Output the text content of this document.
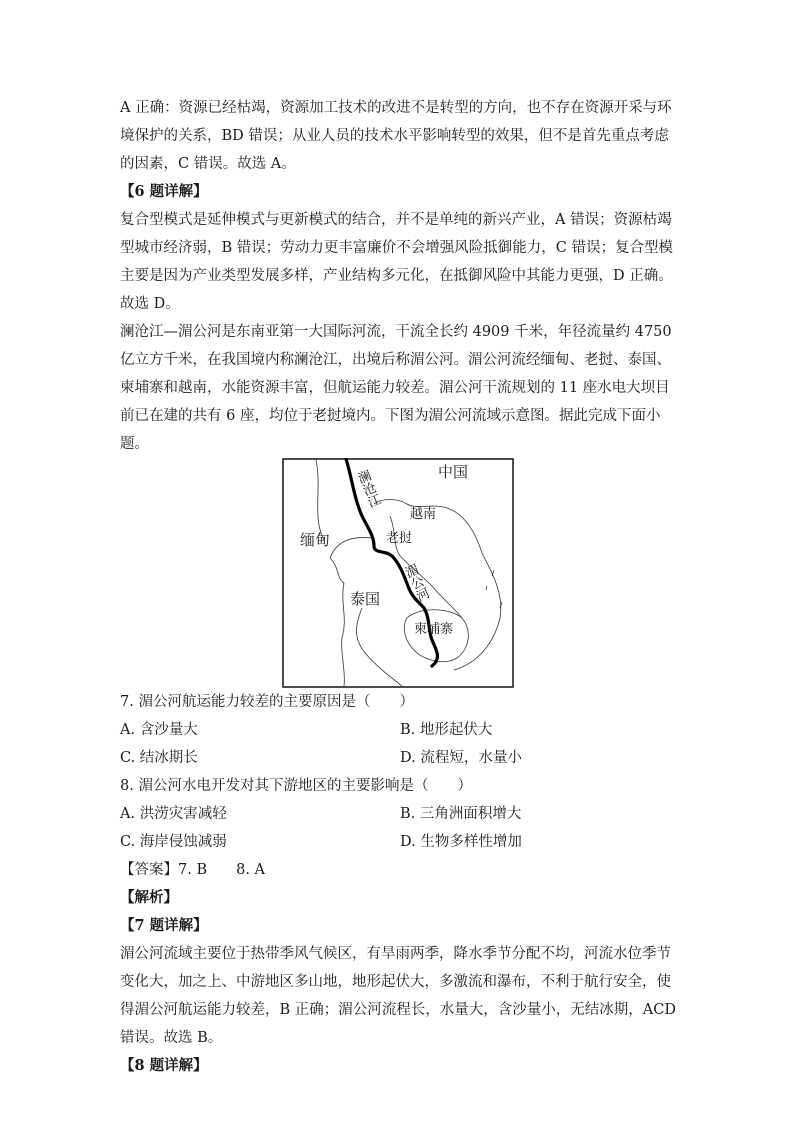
A 正确：资源已经枯竭，资源加工技术的改进不是转型的方向，也不存在资源开采与环境保护的关系，BD 错误；从业人员的技术水平影响转型的效果，但不是首先重点考虑的因素，C 错误。故选 A。

【6 题详解】

复合型模式是延伸模式与更新模式的结合，并不是单纯的新兴产业，A 错误；资源枯竭型城市经济弱，B 错误；劳动力更丰富廉价不会增强风险抵御能力，C 错误；复合型模主要是因为产业类型发展多样，产业结构多元化，在抵御风险中其能力更强，D 正确。故选 D。

澜沧江—湄公河是东南亚第一大国际河流，干流全长约 4909 千米，年径流量约 4750 亿立方千米，在我国境内称澜沧江，出境后称湄公河。湄公河流经缅甸、老挝、泰国、柬埔寨和越南，水能资源丰富，但航运能力较差。湄公河干流规划的 11 座水电大坝目前已在建的共有 6 座，均位于老挝境内。下图为湄公河流域示意图。据此完成下面小题。

中国
越南
缅甸	老挝
泰国
柬埔寨
澜沧江
湄公河

7. 湄公河航运能力较差的主要原因是（　　）

A. 含沙量大	B. 地形起伏大
C. 结冰期长	D. 流程短，水量小

8. 湄公河水电开发对其下游地区的主要影响是（　　）

A. 洪涝灾害减轻	B. 三角洲面积增大
C. 海岸侵蚀减弱	D. 生物多样性增加

【答案】7. B　　8. A

【解析】

【7 题详解】

湄公河流域主要位于热带季风气候区，有旱雨两季，降水季节分配不均，河流水位季节变化大，加之上、中游地区多山地，地形起伏大，多激流和瀑布，不利于航行安全，使得湄公河航运能力较差，B 正确；湄公河流程长，水量大，含沙量小，无结冰期，ACD 错误。故选 B。

【8 题详解】
